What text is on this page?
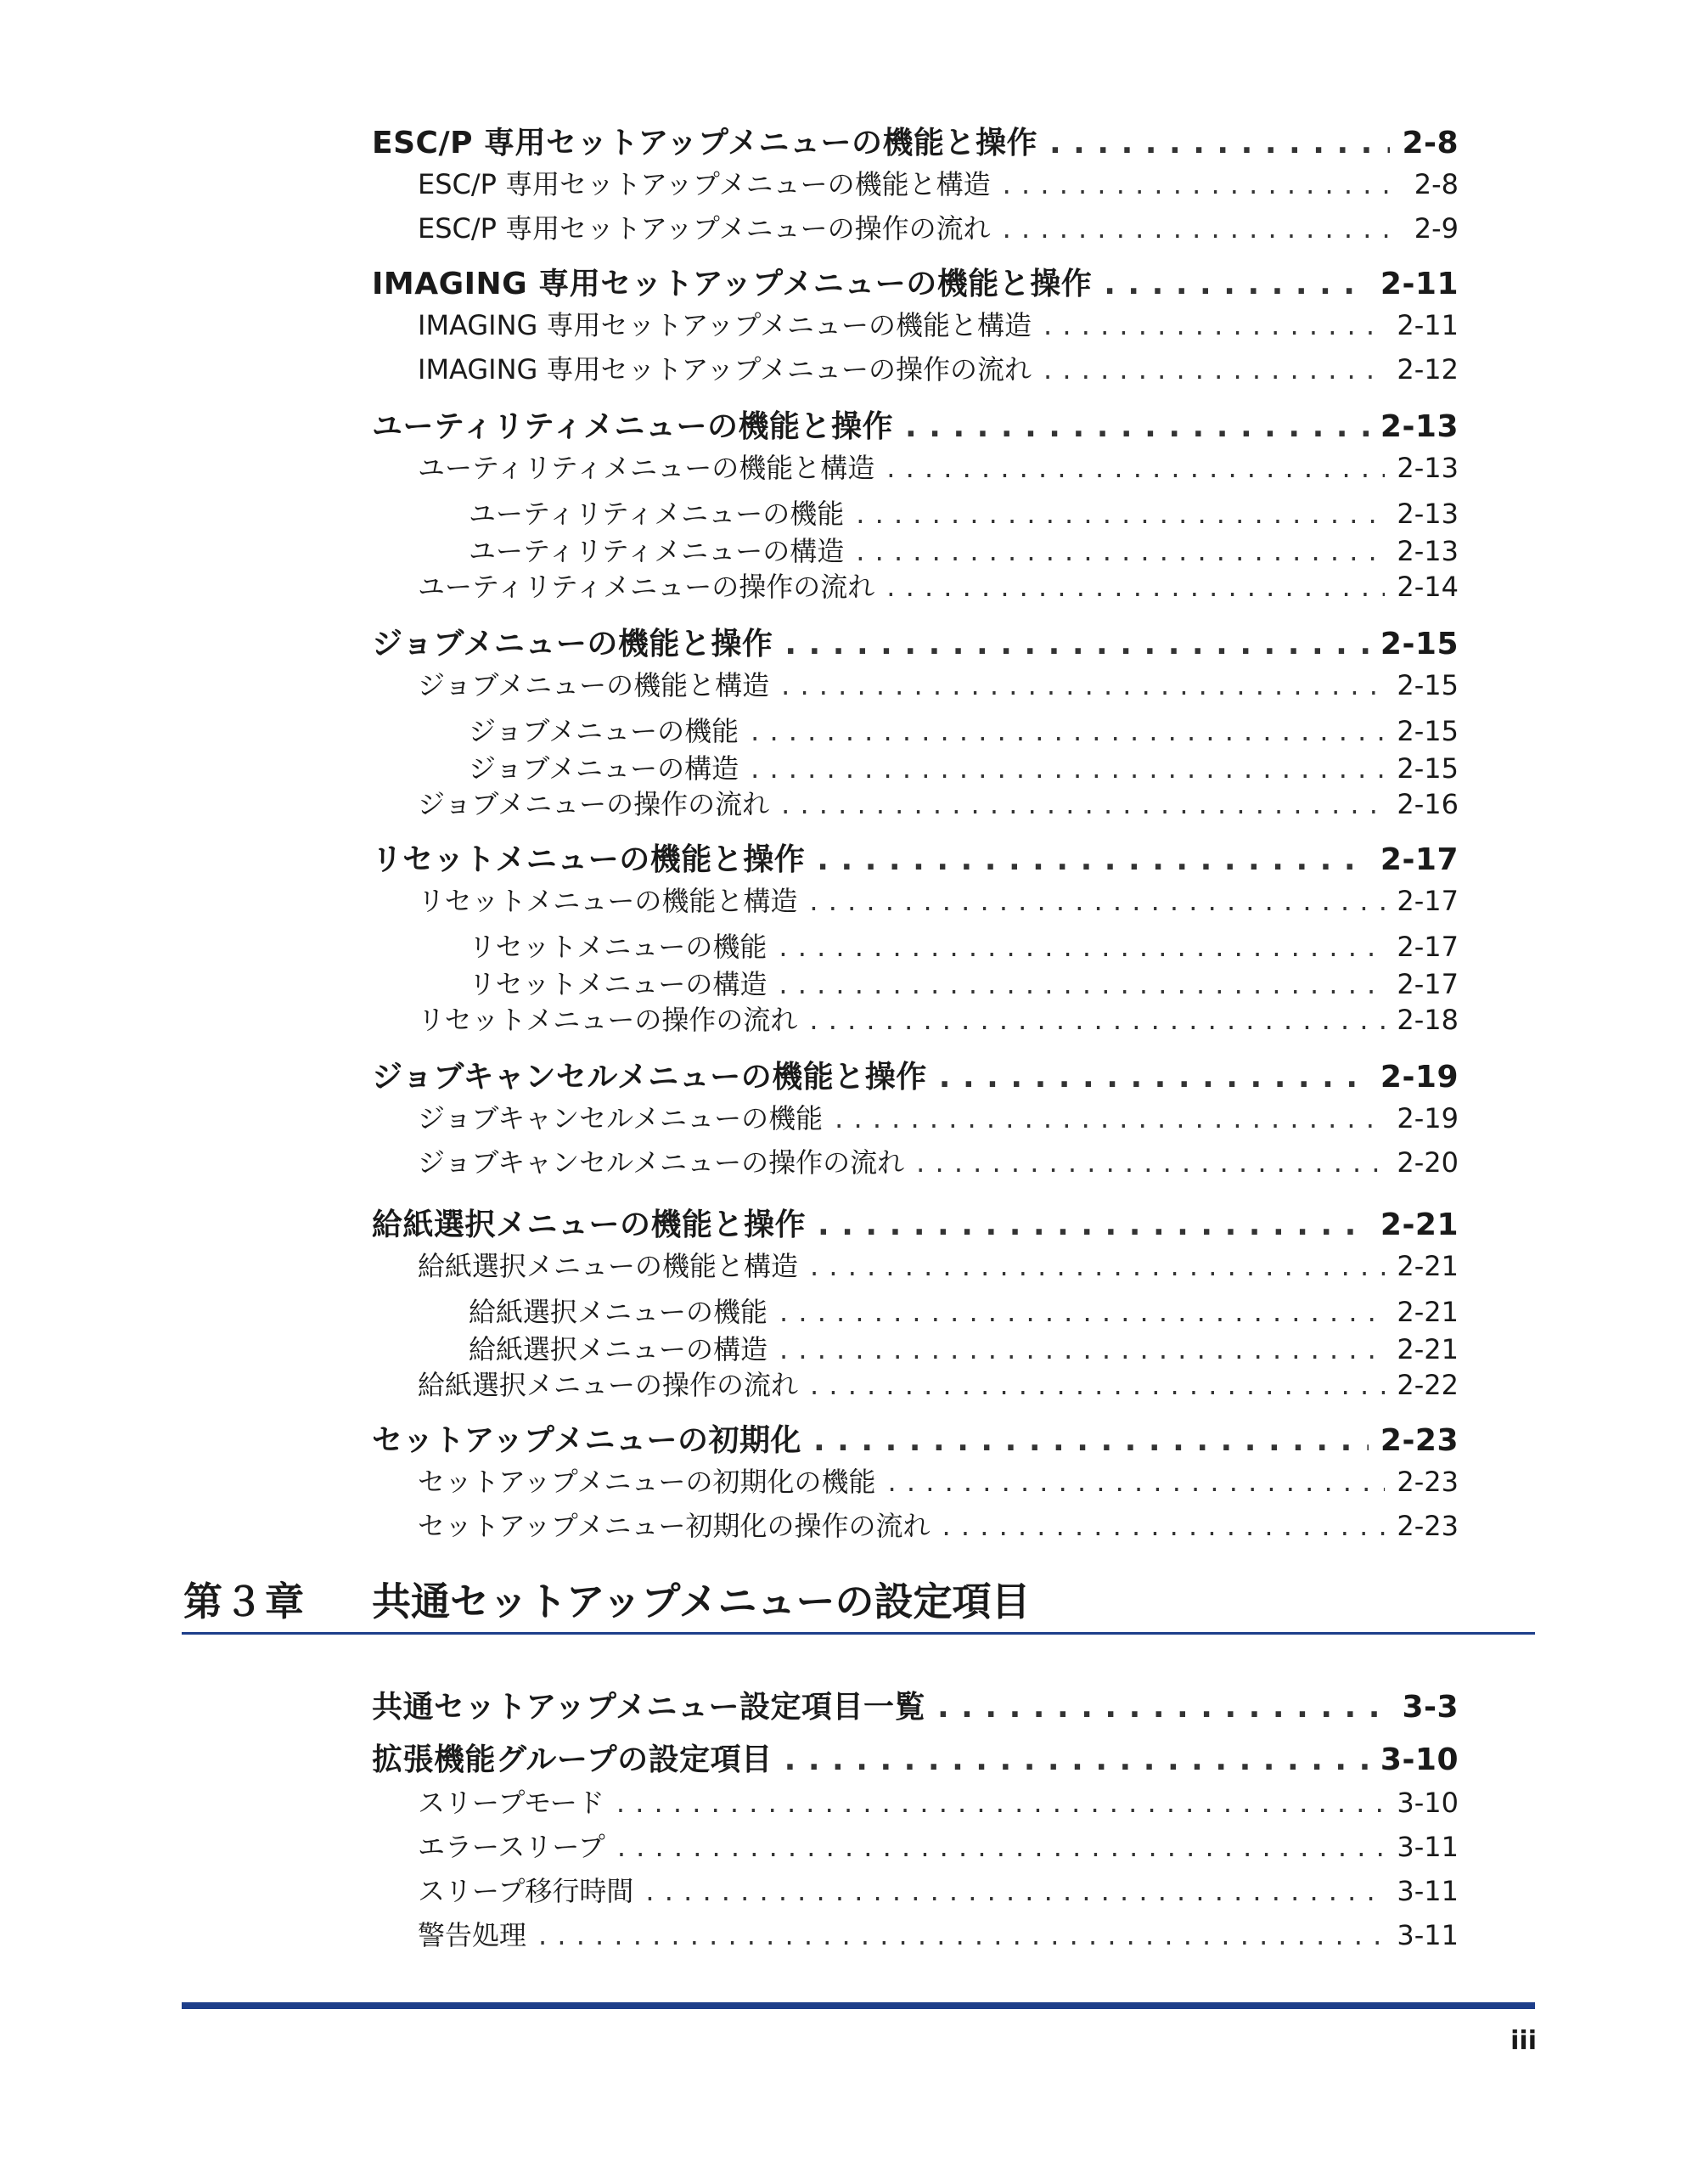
ESC/P 専用セットアップメニューの機能と操作 . . .	2-8
ESC/P 専用セットアップメニューの機能と構造 . . .	2-8
ESC/P 専用セットアップメニューの操作の流れ . . .	2-9
IMAGING 専用セットアップメニューの機能と操作 . . .	2-11
IMAGING 専用セットアップメニューの機能と構造 . . .	2-11
IMAGING 専用セットアップメニューの操作の流れ . . .	2-12
ユーティリティメニューの機能と操作 . . .	2-13
ユーティリティメニューの機能と構造 . . .	2-13
ユーティリティメニューの機能 . . .	2-13
ユーティリティメニューの構造 . . .	2-13
ユーティリティメニューの操作の流れ . . .	2-14
ジョブメニューの機能と操作 . . .	2-15
ジョブメニューの機能と構造 . . .	2-15
ジョブメニューの機能 . . .	2-15
ジョブメニューの構造 . . .	2-15
ジョブメニューの操作の流れ . . .	2-16
リセットメニューの機能と操作 . . .	2-17
リセットメニューの機能と構造 . . .	2-17
リセットメニューの機能 . . .	2-17
リセットメニューの構造 . . .	2-17
リセットメニューの操作の流れ . . .	2-18
ジョブキャンセルメニューの機能と操作 . . .	2-19
ジョブキャンセルメニューの機能 . . .	2-19
ジョブキャンセルメニューの操作の流れ . . .	2-20
給紙選択メニューの機能と操作 . . .	2-21
給紙選択メニューの機能と構造 . . .	2-21
給紙選択メニューの機能 . . .	2-21
給紙選択メニューの構造 . . .	2-21
給紙選択メニューの操作の流れ . . .	2-22
セットアップメニューの初期化 . . .	2-23
セットアップメニューの初期化の機能 . . .	2-23
セットアップメニュー初期化の操作の流れ . . .	2-23
第３章 共通セットアップメニューの設定項目
共通セットアップメニュー設定項目一覧 . . .	3-3
拡張機能グループの設定項目 . . .	3-10
スリープモード . . .	3-10
エラースリープ . . .	3-11
スリープ移行時間 . . .	3-11
警告処理 . . .	3-11
iii
